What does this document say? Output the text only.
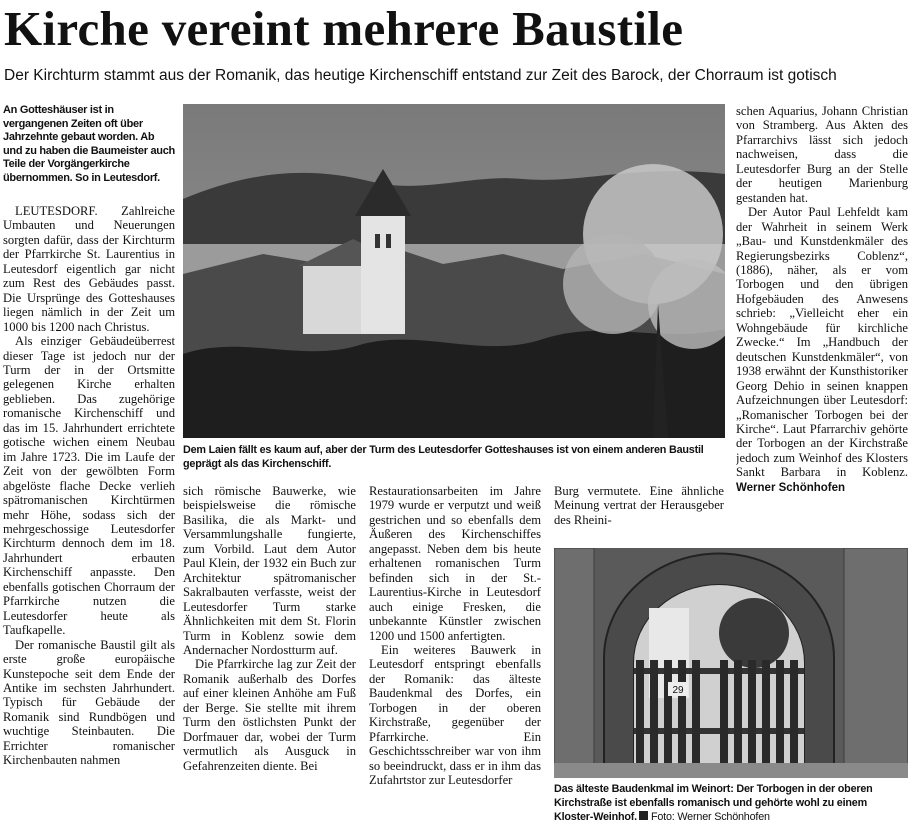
Kirche vereint mehrere Baustile
Der Kirchturm stammt aus der Romanik, das heutige Kirchenschiff entstand zur Zeit des Barock, der Chorraum ist gotisch
An Gotteshäuser ist in vergangenen Zeiten oft über Jahrzehnte gebaut worden. Ab und zu haben die Baumeister auch Teile der Vorgängerkirche übernommen. So in Leutesdorf.
Dem Laien fällt es kaum auf, aber der Turm des Leutesdorfer Gotteshauses ist von einem anderen Baustil geprägt als das Kirchenschiff.

LEUTESDORF. Zahlreiche Umbauten und Neuerungen sorgten dafür, dass der Kirchturm der Pfarrkirche St. Laurentius in Leutesdorf eigentlich gar nicht zum Rest des Gebäudes passt. Die Ursprünge des Gotteshauses liegen nämlich in der Zeit um 1000 bis 1200 nach Christus.

Als einziger Gebäudeüberrest dieser Tage ist jedoch nur der Turm der in der Ortsmitte gelegenen Kirche erhalten geblieben. Das zugehörige romanische Kirchenschiff und das im 15. Jahrhundert errichtete gotische wichen einem Neubau im Jahre 1723. Die im Laufe der Zeit von der gewölbten Form abgelöste flache Decke verlieh spätromanischen Kirchtürmen mehr Höhe, sodass sich der mehrgeschossige Leutesdorfer Kirchturm dennoch dem im 18. Jahrhundert erbauten Kirchenschiff anpasste. Den ebenfalls gotischen Chorraum der Pfarrkirche nutzen die Leutesdorfer heute als Taufkapelle.

Der romanische Baustil gilt als erste große europäische Kunstepoche seit dem Ende der Antike im sechsten Jahrhundert. Typisch für Gebäude der Romanik sind Rundbögen und wuchtige Steinbauten. Die Errichter romanischer Kirchenbauten nahmen

sich römische Bauwerke, wie beispielsweise die römische Basilika, die als Markt- und Versammlungshalle fungierte, zum Vorbild. Laut dem Autor Paul Klein, der 1932 ein Buch zur Architektur spätromanischer Sakralbauten verfasste, weist der Leutesdorfer Turm starke Ähnlichkeiten mit dem St. Florin Turm in Koblenz sowie dem Andernacher Nordostturm auf.

Die Pfarrkirche lag zur Zeit der Romanik außerhalb des Dorfes auf einer kleinen Anhöhe am Fuß der Berge. Sie stellte mit ihrem Turm den östlichsten Punkt der Dorfmauer dar, wobei der Turm vermutlich als Ausguck in Gefahrenzeiten diente. Bei

Restaurationsarbeiten im Jahre 1979 wurde er verputzt und weiß gestrichen und so ebenfalls dem Äußeren des Kirchenschiffes angepasst. Neben dem bis heute erhaltenen romanischen Turm befinden sich in der St.-Laurentius-Kirche in Leutesdorf auch einige Fresken, die unbekannte Künstler zwischen 1200 und 1500 anfertigten.

Ein weiteres Bauwerk in Leutesdorf entspringt ebenfalls der Romanik: das älteste Baudenkmal des Dorfes, ein Torbogen in der oberen Kirchstraße, gegenüber der Pfarrkirche. Ein Geschichtsschreiber war von ihm so beeindruckt, dass er in ihm das Zufahrtstor zur Leutesdorfer

Burg vermutete. Eine ähnliche Meinung vertrat der Herausgeber des Rheini-

schen Aquarius, Johann Christian von Stramberg. Aus Akten des Pfarrarchivs lässt sich jedoch nachweisen, dass die Leutesdorfer Burg an der Stelle der heutigen Marienburg gestanden hat.

Der Autor Paul Lehfeldt kam der Wahrheit in seinem Werk „Bau- und Kunstdenkmäler des Regierungsbezirks Coblenz“, (1886), näher, als er vom Torbogen und den übrigen Hofgebäuden des Anwesens schrieb: „Vielleicht eher ein Wohngebäude für kirchliche Zwecke.“ Im „Handbuch der deutschen Kunstdenkmäler“, von 1938 erwähnt der Kunsthistoriker Georg Dehio in seinen knappen Aufzeichnungen über Leutesdorf: „Romanischer Torbogen bei der Kirche“. Laut Pfarrarchiv gehörte der Torbogen an der Kirchstraße jedoch zum Weinhof des Klosters Sankt Barbara in Koblenz. Werner Schönhofen

29
Das älteste Baudenkmal im Weinort: Der Torbogen in der oberen Kirchstraße ist ebenfalls romanisch und gehörte wohl zu einem Kloster-Weinhof. Foto: Werner Schönhofen
